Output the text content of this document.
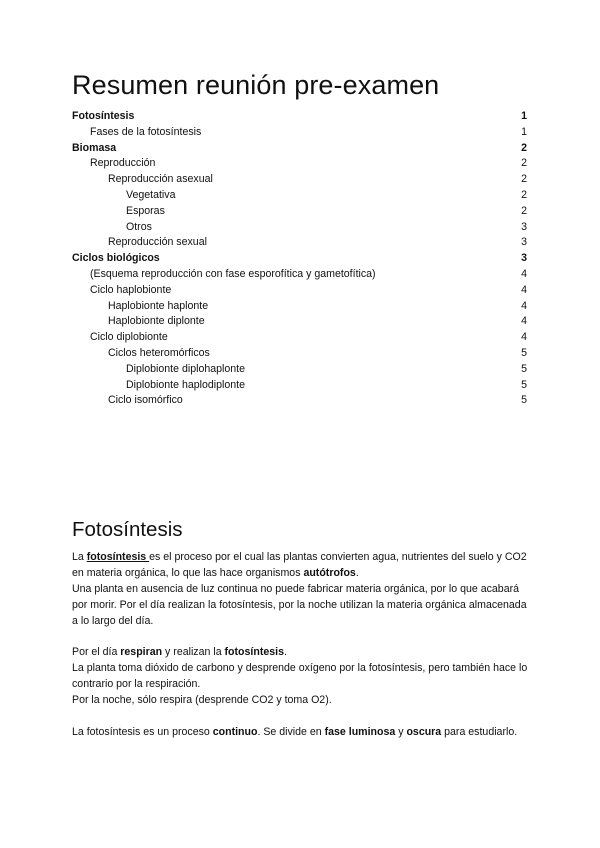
Resumen reunión pre-examen
Fotosíntesis	1
Fases de la fotosíntesis	1
Biomasa	2
Reproducción	2
Reproducción asexual	2
Vegetativa	2
Esporas	2
Otros	3
Reproducción sexual	3
Ciclos biológicos	3
(Esquema reproducción con fase esporofítica y gametofítica)	4
Ciclo haplobionte	4
Haplobionte haplonte	4
Haplobionte diplonte	4
Ciclo diplobionte	4
Ciclos heteromórficos	5
Diplobionte diplohaplonte	5
Diplobionte haplodiplonte	5
Ciclo isomórfico	5
Fotosíntesis

La fotosíntesis es el proceso por el cual las plantas convierten agua, nutrientes del suelo y CO2 en materia orgánica, lo que las hace organismos autótrofos.

Una planta en ausencia de luz continua no puede fabricar materia orgánica, por lo que acabará por morir. Por el día realizan la fotosíntesis, por la noche utilizan la materia orgánica almacenada a lo largo del día.

Por el día respiran y realizan la fotosíntesis.

La planta toma dióxido de carbono y desprende oxígeno por la fotosíntesis, pero también hace lo contrario por la respiración.

Por la noche, sólo respira (desprende CO2 y toma O2).

La fotosíntesis es un proceso continuo. Se divide en fase luminosa y oscura para estudiarlo.
